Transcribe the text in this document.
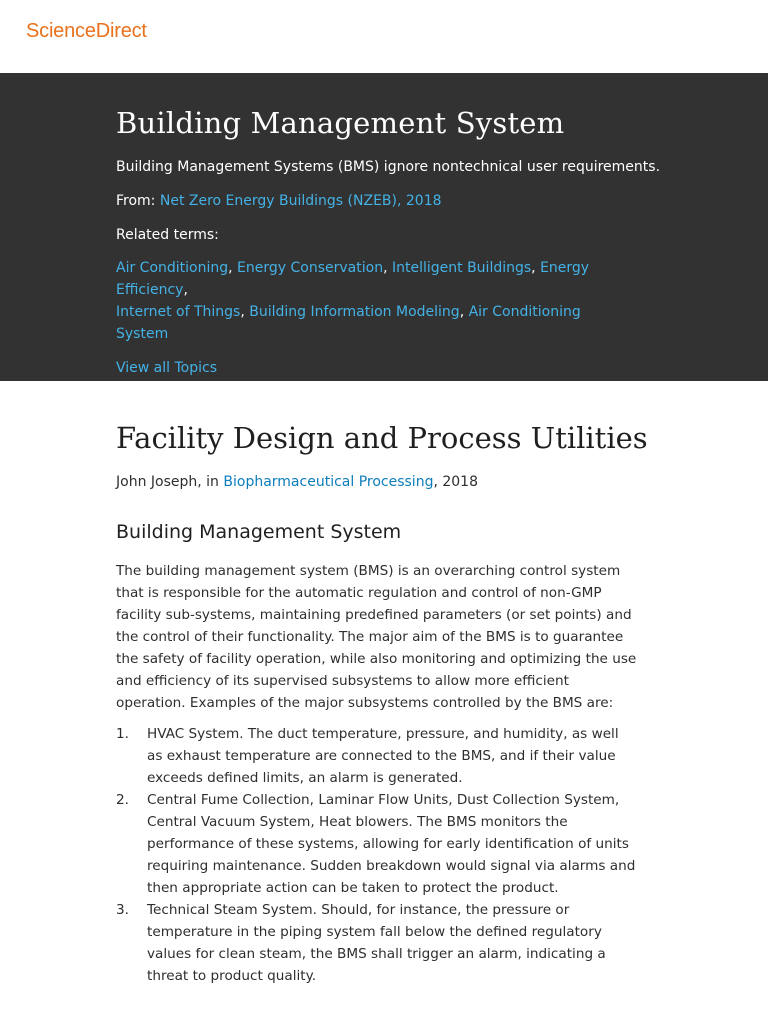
ScienceDirect
Building Management System

Building Management Systems (BMS) ignore nontechnical user requirements.

From: Net Zero Energy Buildings (NZEB), 2018

Related terms:

Air Conditioning, Energy Conservation, Intelligent Buildings, Energy Efficiency,
Internet of Things, Building Information Modeling, Air Conditioning System

View all Topics
Facility Design and Process Utilities

John Joseph, in Biopharmaceutical Processing, 2018

Building Management System

The building management system (BMS) is an overarching control system that is responsible for the automatic regulation and control of non-GMP facility sub-systems, maintaining predefined parameters (or set points) and the control of their functionality. The major aim of the BMS is to guarantee the safety of facility operation, while also monitoring and optimizing the use and efficiency of its supervised subsystems to allow more efficient operation. Examples of the major subsystems controlled by the BMS are:

1. HVAC System. The duct temperature, pressure, and humidity, as well as exhaust temperature are connected to the BMS, and if their value exceeds defined limits, an alarm is generated.
2. Central Fume Collection, Laminar Flow Units, Dust Collection System, Central Vacuum System, Heat blowers. The BMS monitors the performance of these systems, allowing for early identification of units requiring maintenance. Sudden breakdown would signal via alarms and then appropriate action can be taken to protect the product.
3. Technical Steam System. Should, for instance, the pressure or temperature in the piping system fall below the defined regulatory values for clean steam, the BMS shall trigger an alarm, indicating a threat to product quality.
